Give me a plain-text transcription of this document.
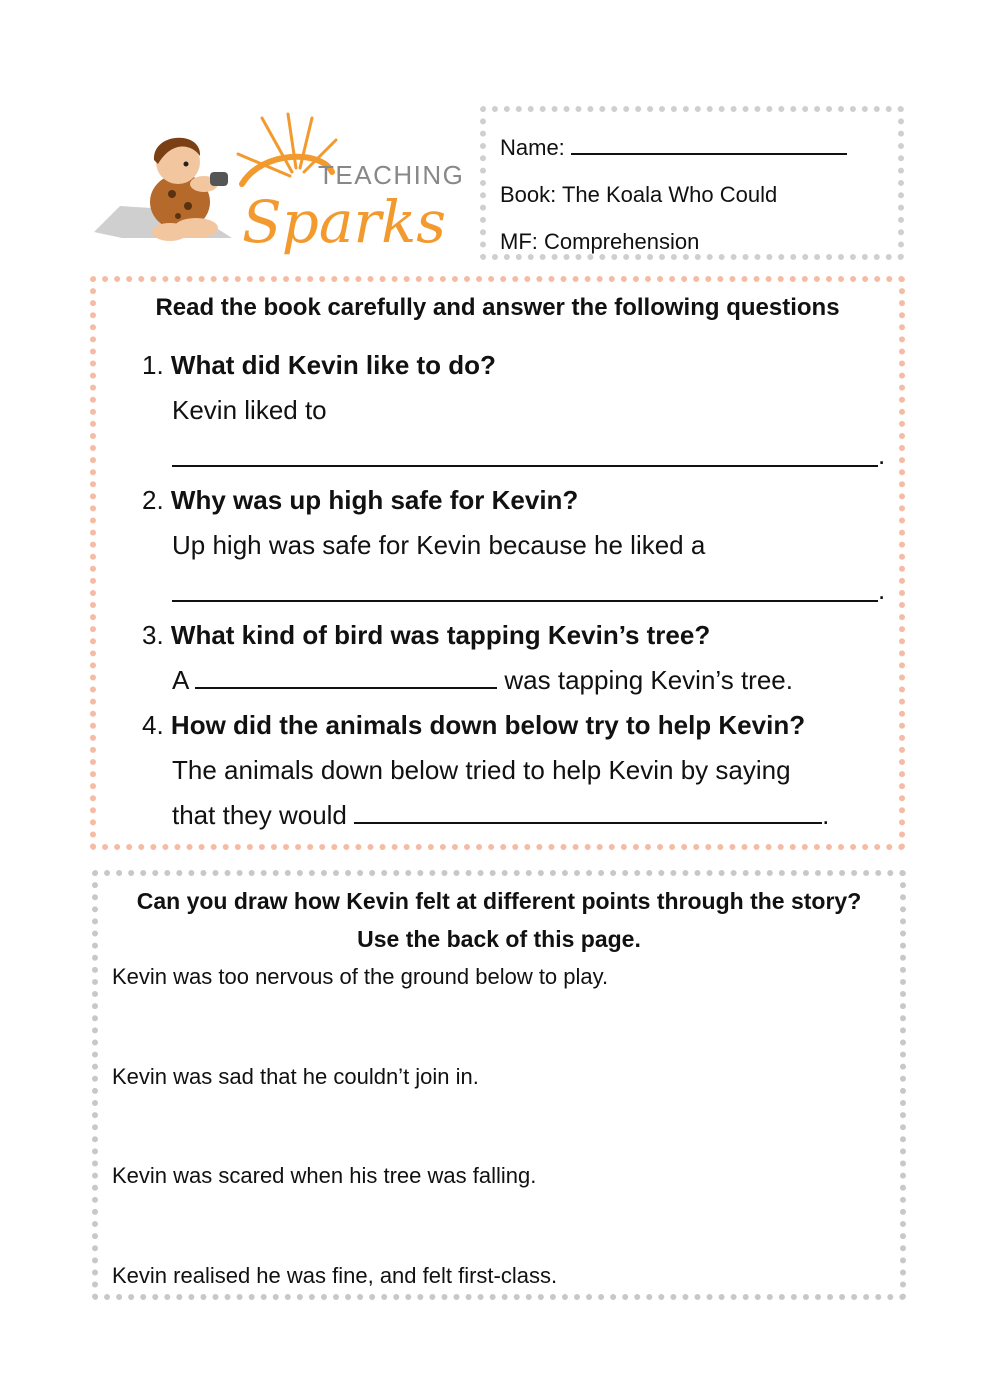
TEACHING
Sparks
Name:
Book: The Koala Who Could
MF: Comprehension
Read the book carefully and answer the following questions
1. What did Kevin like to do?
Kevin liked to
.
2. Why was up high safe for Kevin?
Up high was safe for Kevin because he liked a
.
3. What kind of bird was tapping Kevin’s tree?
A	was tapping Kevin’s tree.
4. How did the animals down below try to help Kevin?
The animals down below tried to help Kevin by saying
that they would	.
Can you draw how Kevin felt at different points through the story?
Use the back of this page.
Kevin was too nervous of the ground below to play.
Kevin was sad that he couldn’t join in.
Kevin was scared when his tree was falling.
Kevin realised he was fine, and felt first-class.
